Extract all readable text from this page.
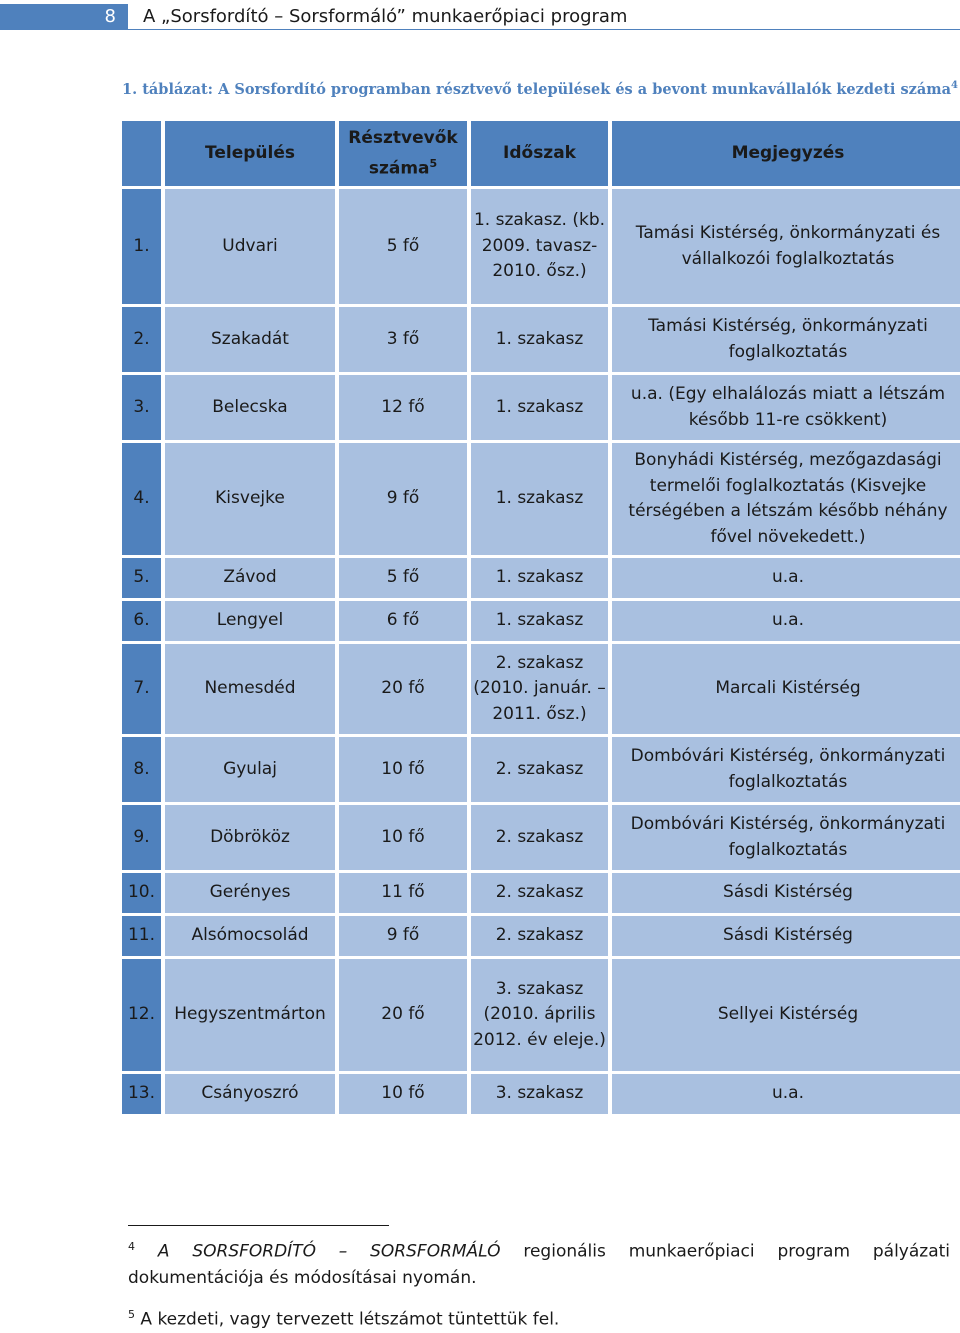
8	A „Sorsfordító – Sorsformáló” munkaerőpiaci program
1. táblázat: A Sorsfordító programban résztvevő települések és a bevont munkavállalók kezdeti száma$^4$
	Település	Résztvevők száma$^5$	Időszak	Megjegyzés
1.	Udvari	5 fő	1. szakasz. (kb. 2009. tavasz-2010. ősz.)	Tamási Kistérség, önkormányzati és vállalkozói foglalkoztatás
2.	Szakadát	3 fő	1. szakasz	Tamási Kistérség, önkormányzati foglalkoztatás
3.	Belecska	12 fő	1. szakasz	u.a. (Egy elhalálozás miatt a létszám később 11-re csökkent)
4.	Kisvejke	9 fő	1. szakasz	Bonyhádi Kistérség, mezőgazdasági termelői foglalkoztatás (Kisvejke térségében a létszám később néhány fővel növekedett.)
5.	Závod	5 fő	1. szakasz	u.a.
6.	Lengyel	6 fő	1. szakasz	u.a.
7.	Nemesdéd	20 fő	2. szakasz (2010. január. – 2011. ősz.)	Marcali Kistérség
8.	Gyulaj	10 fő	2. szakasz	Dombóvári Kistérség, önkormányzati foglalkoztatás
9.	Döbrököz	10 fő	2. szakasz	Dombóvári Kistérség, önkormányzati foglalkoztatás
10.	Gerényes	11 fő	2. szakasz	Sásdi Kistérség
11.	Alsómocsolád	9 fő	2. szakasz	Sásdi Kistérség
12.	Hegyszentmárton	20 fő	3. szakasz (2010. április 2012. év eleje.)	Sellyei Kistérség
13.	Csányoszró	10 fő	3. szakasz	u.a.
$^4$ A SORSFORDÍTÓ – SORSFORMÁLÓ regionális munkaerőpiaci program pályázati dokumentációja és módosításai nyomán.
$^5$ A kezdeti, vagy tervezett létszámot tüntettük fel.
